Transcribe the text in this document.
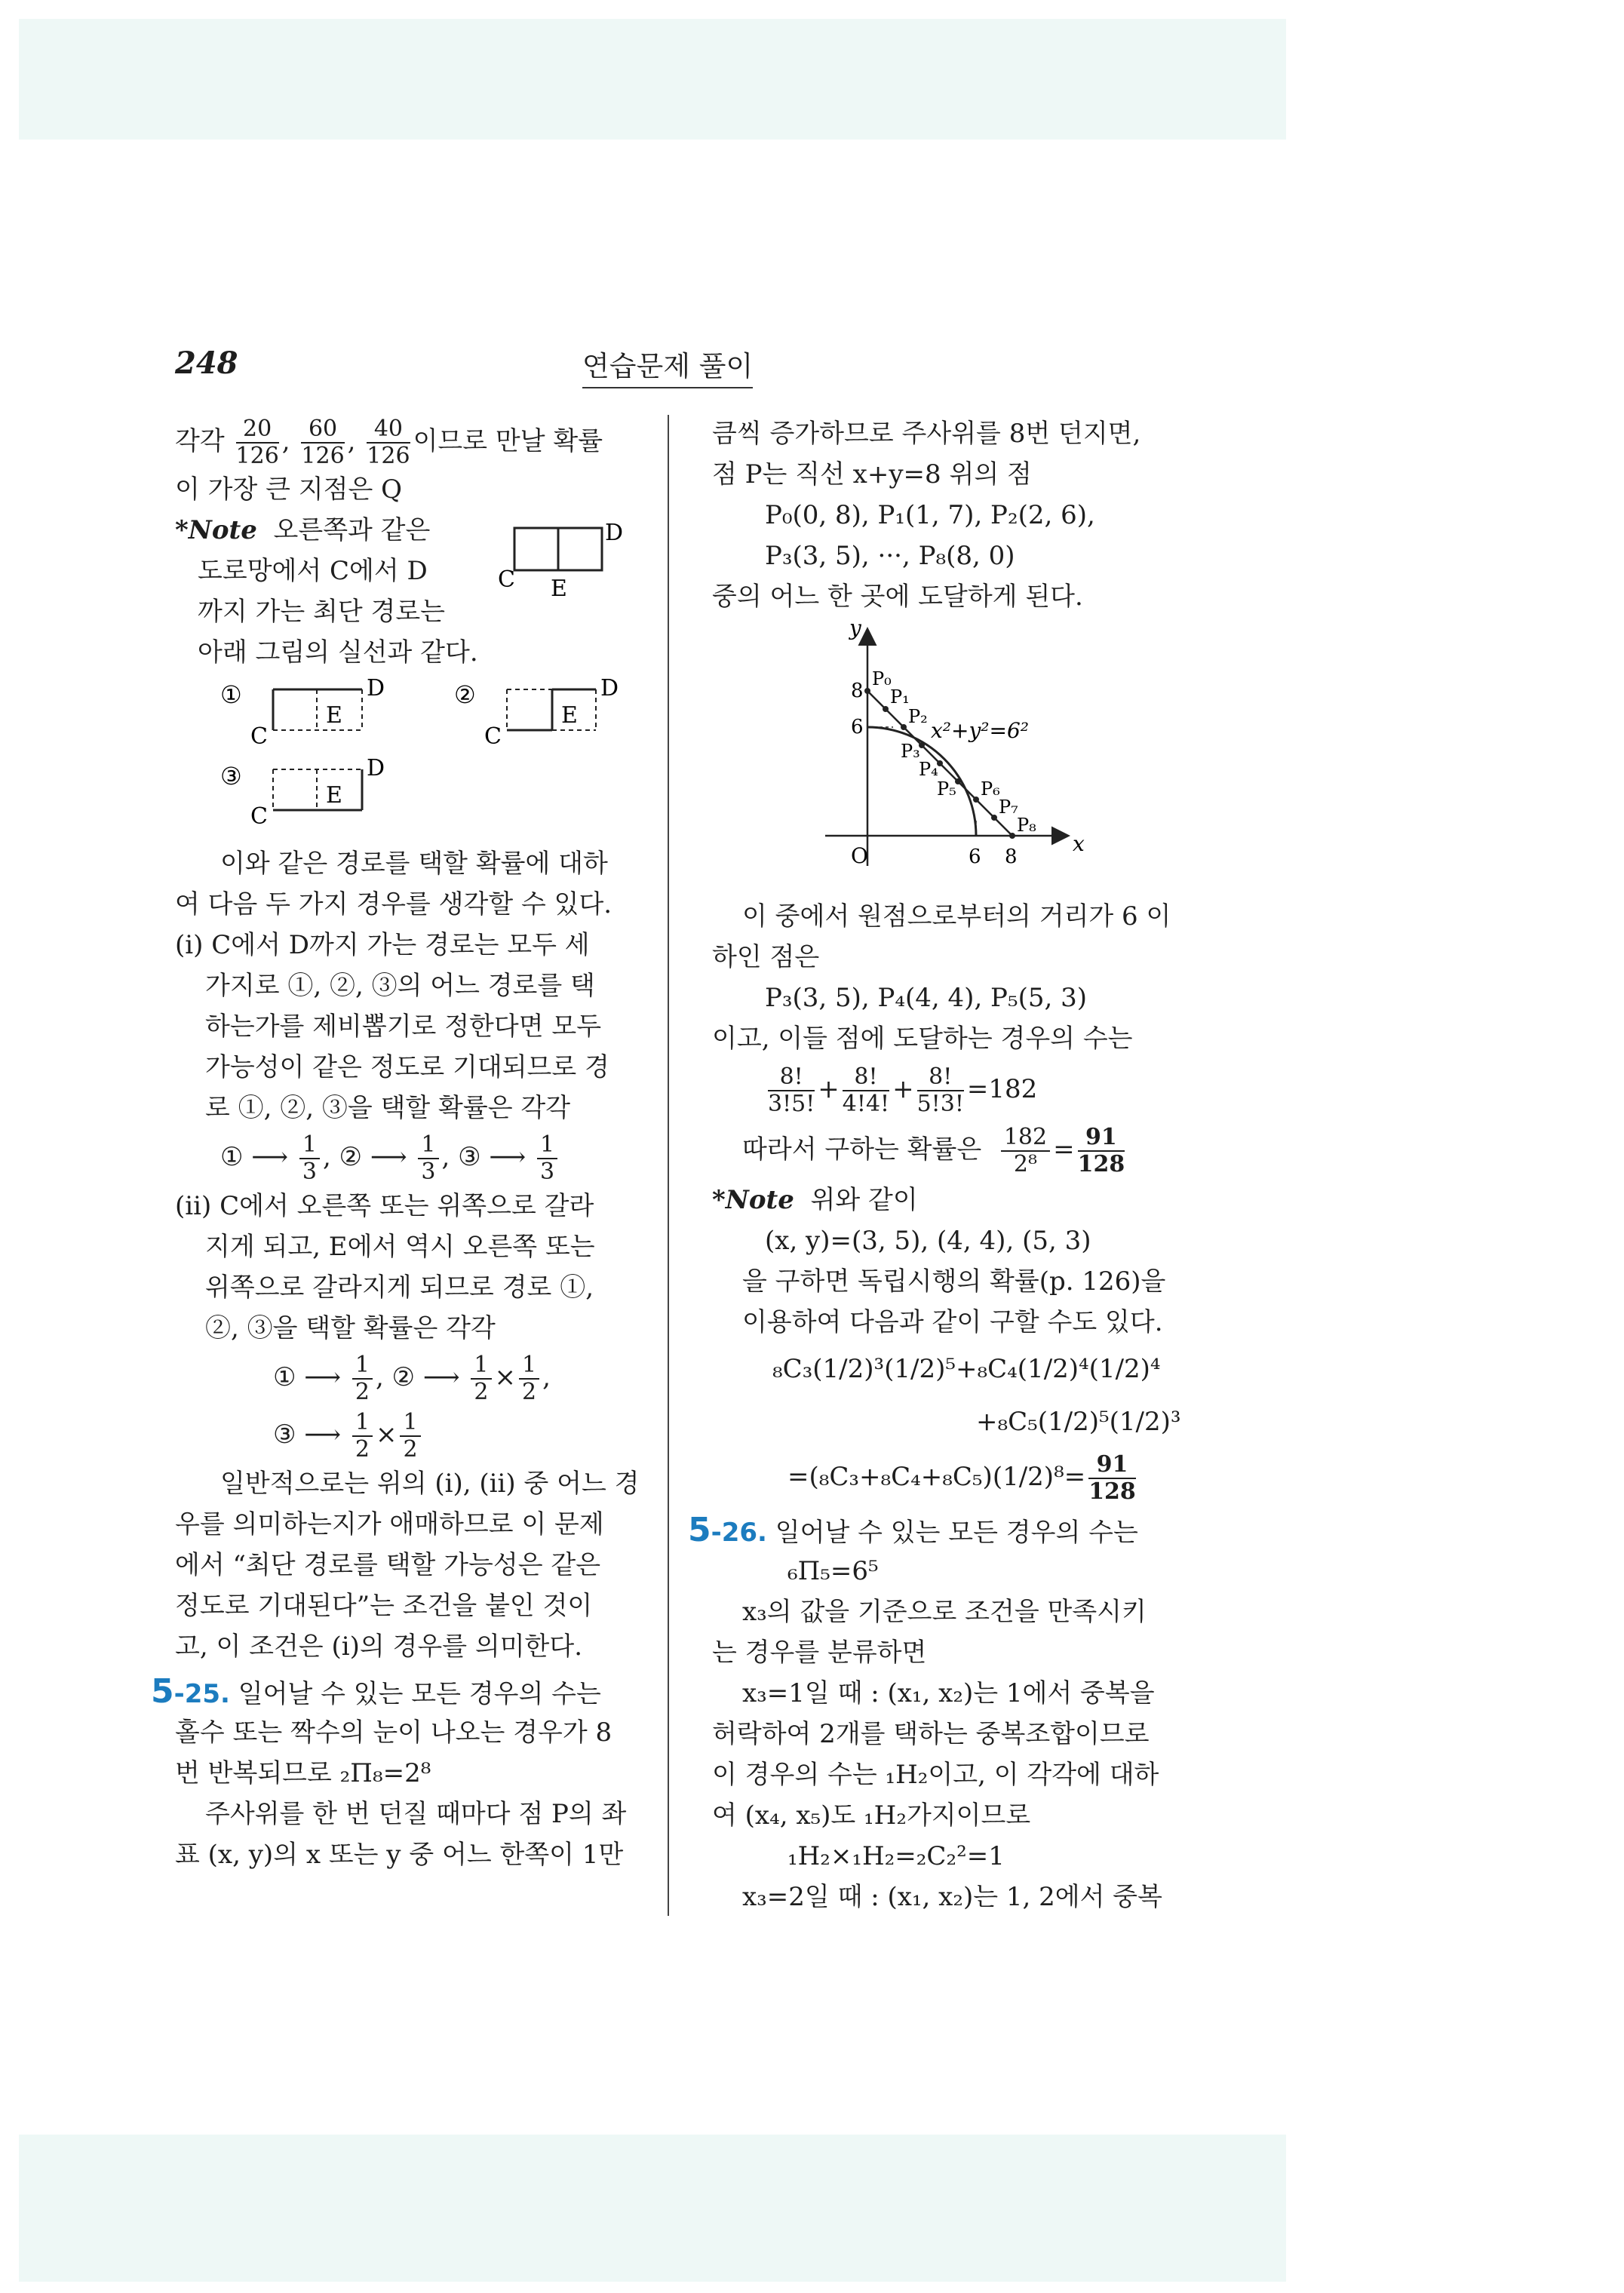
248	연습문제 풀이
각각 $\frac{20}{126}$ , $\frac{60}{126}$ , $\frac{40}{126}$ 이므로 만날 확률
이 가장 큰 지점은 Q
*Note 오른쪽과 같은
도로망에서 C에서 D
까지 가는 최단 경로는
아래 그림의 실선과 같다.
C
D
E
①
C
E
D	②
C
E
D
③
C
E
D
이와 같은 경로를 택할 확률에 대하
여 다음 두 가지 경우를 생각할 수 있다.
(i) C에서 D까지 가는 경로는 모두 세
가지로 ①, ②, ③의 어느 경로를 택
하는가를 제비뽑기로 정한다면 모두
가능성이 같은 정도로 기대되므로 경
로 ①, ②, ③을 택할 확률은 각각
① ⟶ $\frac{1}{3}$ , ② ⟶ $\frac{1}{3}$ , ③ ⟶ $\frac{1}{3}$
(ii) C에서 오른쪽 또는 위쪽으로 갈라
지게 되고, E에서 역시 오른쪽 또는
위쪽으로 갈라지게 되므로 경로 ①,
②, ③을 택할 확률은 각각
① ⟶ $\frac{1}{2}$ , ② ⟶ $\frac{1}{2} \times \frac{1}{2}$ ,
③ ⟶ $\frac{1}{2} \times \frac{1}{2}$
일반적으로는 위의 (i), (ii) 중 어느 경
우를 의미하는지가 애매하므로 이 문제
에서 “최단 경로를 택할 가능성은 같은
정도로 기대된다”는 조건을 붙인 것이
고, 이 조건은 (i)의 경우를 의미한다.
5-25. 일어날 수 있는 모든 경우의 수는
홀수 또는 짝수의 눈이 나오는 경우가 8
번 반복되므로 ₂Π₈=2⁸
주사위를 한 번 던질 때마다 점 P의 좌
표 (x, y)의 x 또는 y 중 어느 한쪽이 1만
큼씩 증가하므로 주사위를 8번 던지면,
점 P는 직선 x+y=8 위의 점
P₀(0, 8), P₁(1, 7), P₂(2, 6),
P₃(3, 5), ···, P₈(8, 0)
중의 어느 한 곳에 도달하게 된다.
y
x
O
8
6
6 8
x²+y²=6²
P₀
P₁
P₂
P₃
P₄
P₅ P₆
P₇
P₈
이 중에서 원점으로부터의 거리가 6 이
하인 점은
P₃(3, 5), P₄(4, 4), P₅(5, 3)
이고, 이들 점에 도달하는 경우의 수는
$\frac{8!}{3!5!} + \frac{8!}{4!4!} + \frac{8!}{5!3!} =182$
따라서 구하는 확률은 $\frac{182}{\text{2⁸}} = \frac{91}{128}$
*Note 위와 같이
(x, y)=(3, 5), (4, 4), (5, 3)
을 구하면 독립시행의 확률(p. 126)을
이용하여 다음과 같이 구할 수도 있다.
₈C₃(1/2)³(1/2)⁵+₈C₄(1/2)⁴(1/2)⁴
+₈C₅(1/2)⁵(1/2)³
$=(_8C_3+_8C_4+_8C_5)(1/2)^8= \frac{91}{128}$
5-26. 일어날 수 있는 모든 경우의 수는
₆Π₅=6⁵
x₃의 값을 기준으로 조건을 만족시키
는 경우를 분류하면
x₃=1일 때 : (x₁, x₂)는 1에서 중복을
허락하여 2개를 택하는 중복조합이므로
이 경우의 수는 ₁H₂이고, 이 각각에 대하
여 (x₄, x₅)도 ₁H₂가지이므로
₁H₂×₁H₂=₂C₂²=1
x₃=2일 때 : (x₁, x₂)는 1, 2에서 중복
